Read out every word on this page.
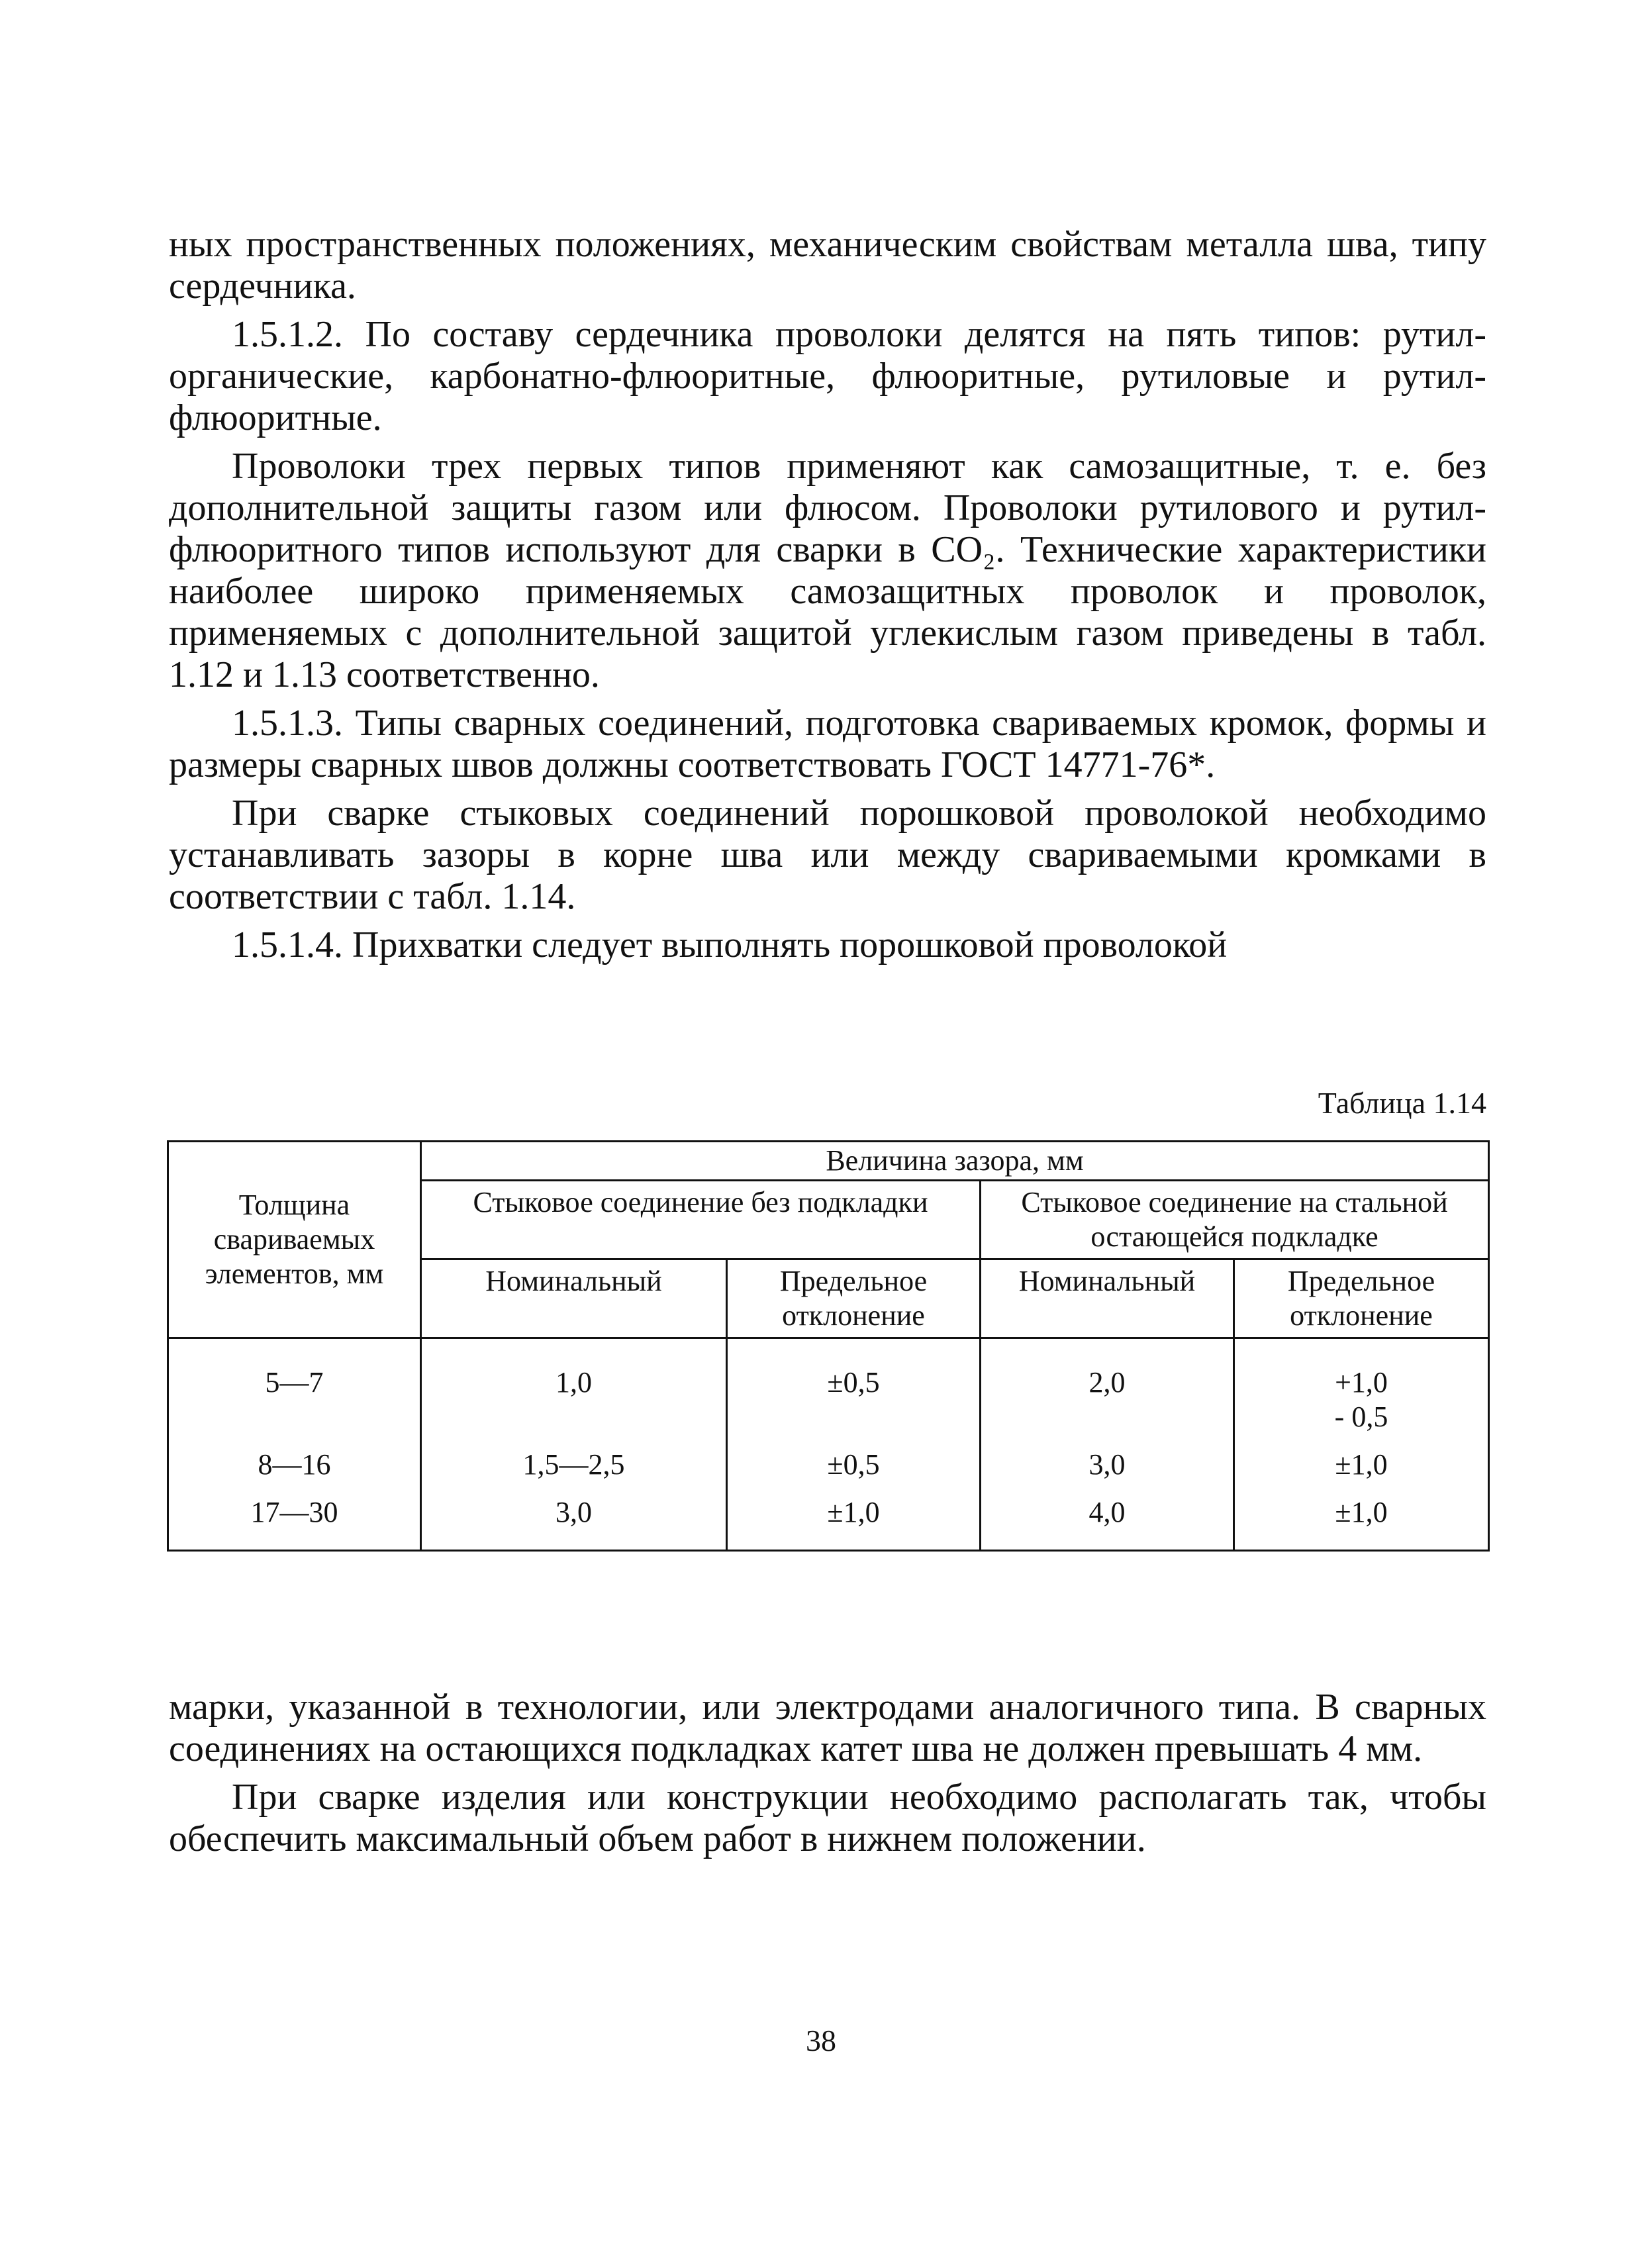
ных пространственных положениях, механическим свойствам металла шва, типу сердечника.

1.5.1.2. По составу сердечника проволоки делятся на пять типов: рутил-органические, карбонатно-флюоритные, флюоритные, рутиловые и рутил-флюоритные.

Проволоки трех первых типов применяют как самозащитные, т. е. без дополнительной защиты газом или флюсом. Проволоки рутилового и рутил-флюоритного типов используют для сварки в CO₂. Технические характеристики наиболее широко применяемых самозащитных проволок и проволок, применяемых с дополнительной защитой углекислым газом приведены в табл. 1.12 и 1.13 соответственно.

1.5.1.3. Типы сварных соединений, подготовка свариваемых кромок, формы и размеры сварных швов должны соответствовать ГОСТ 14771-76*.

При сварке стыковых соединений порошковой проволокой необходимо устанавливать зазоры в корне шва или между свариваемыми кромками в соответствии с табл. 1.14.

1.5.1.4. Прихватки следует выполнять порошковой проволокой

Таблица 1.14
Толщина свариваемых элементов, мм	Величина зазора, мм			
	Стыковое соединение без подкладки		Стыковое соединение на стальной остающейся подкладке	
	Номинальный	Предельное отклонение	Номинальный	Предельное отклонение
5—7	1,0	±0,5	2,0	+1,0
- 0,5

8—16	1,5—2,5	±0,5	3,0	±1,0
17—30	3,0	±1,0	4,0	±1,0

марки, указанной в технологии, или электродами аналогичного типа. В сварных соединениях на остающихся подкладках катет шва не должен превышать 4 мм.

При сварке изделия или конструкции необходимо располагать так, чтобы обеспечить максимальный объем работ в нижнем положении.

38
